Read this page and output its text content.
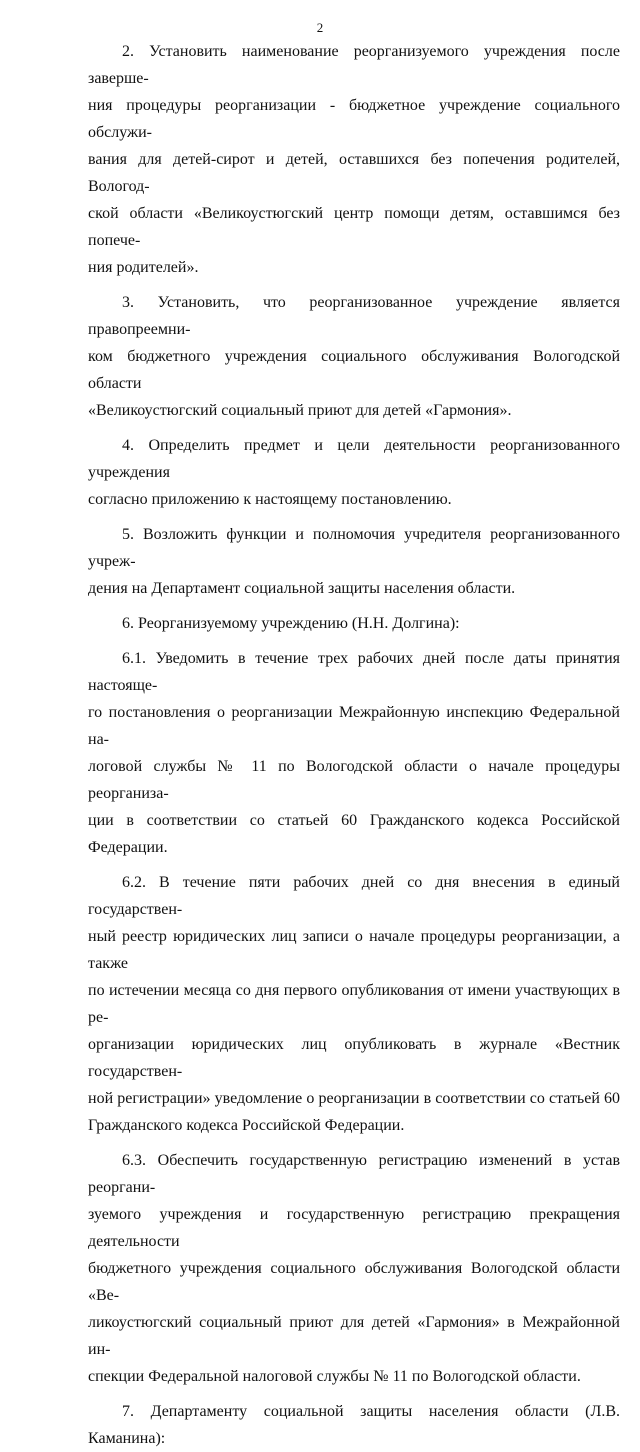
2
2. Установить наименование реорганизуемого учреждения после заверше-
ния процедуры реорганизации - бюджетное учреждение социального обслужи-
вания для детей-сирот и детей, оставшихся без попечения родителей, Вологод-
ской области «Великоустюгский центр помощи детям, оставшимся без попече-
ния родителей».
3. Установить, что реорганизованное учреждение является правопреемни-
ком бюджетного учреждения социального обслуживания Вологодской области
«Великоустюгский социальный приют для детей «Гармония».
4. Определить предмет и цели деятельности реорганизованного учреждения
согласно приложению к настоящему постановлению.
5. Возложить функции и полномочия учредителя реорганизованного учреж-
дения на Департамент социальной защиты населения области.
6. Реорганизуемому учреждению (Н.Н. Долгина):
6.1. Уведомить в течение трех рабочих дней после даты принятия настояще-
го постановления о реорганизации Межрайонную инспекцию Федеральной на-
логовой службы № 11 по Вологодской области о начале процедуры реорганиза-
ции в соответствии со статьей 60 Гражданского кодекса Российской Федерации.
6.2. В течение пяти рабочих дней со дня внесения в единый государствен-
ный реестр юридических лиц записи о начале процедуры реорганизации, а также
по истечении месяца со дня первого опубликования от имени участвующих в ре-
организации юридических лиц опубликовать в журнале «Вестник государствен-
ной регистрации» уведомление о реорганизации в соответствии со статьей 60
Гражданского кодекса Российской Федерации.
6.3. Обеспечить государственную регистрацию изменений в устав реоргани-
зуемого учреждения и государственную регистрацию прекращения деятельности
бюджетного учреждения социального обслуживания Вологодской области «Ве-
ликоустюгский социальный приют для детей «Гармония» в Межрайонной ин-
спекции Федеральной налоговой службы № 11 по Вологодской области.
7. Департаменту социальной защиты населения области (Л.В. Каманина):
